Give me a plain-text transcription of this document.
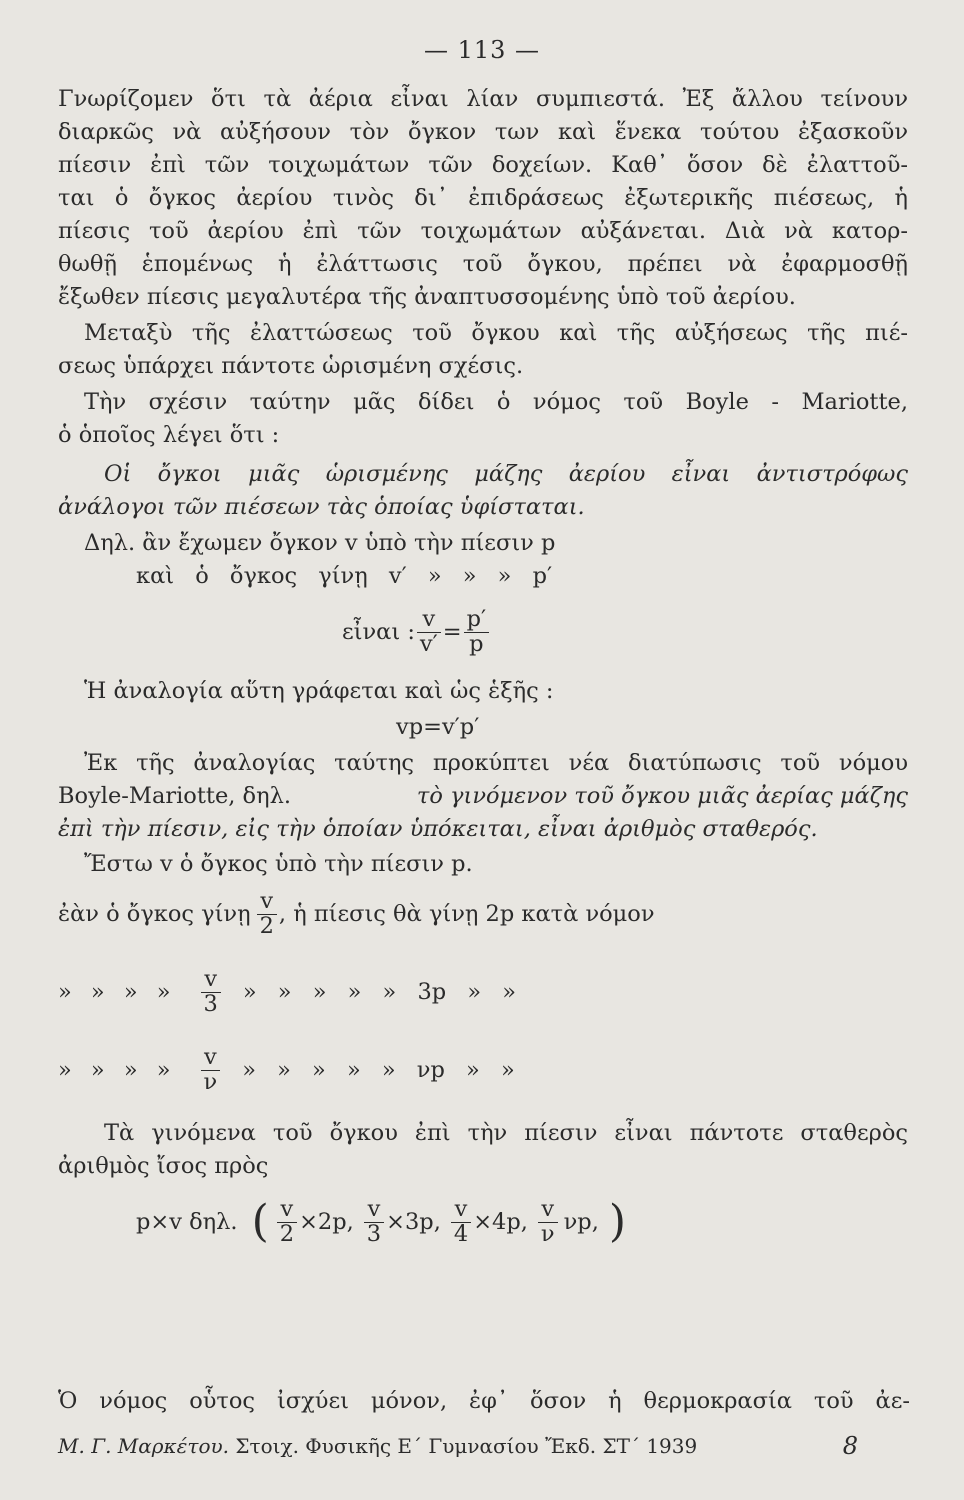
— 113 —
Γνωρίζομεν ὅτι τὰ ἀέρια εἶναι λίαν συμπιεστά. Ἐξ ἄλλου τείνουν
διαρκῶς νὰ αὐξήσουν τὸν ὄγκον των καὶ ἕνεκα τούτου ἐξασκοῦν
πίεσιν ἐπὶ τῶν τοιχωμάτων τῶν δοχείων. Καθ᾽ ὅσον δὲ ἐλαττοῦ-
ται ὁ ὄγκος ἀερίου τινὸς δι᾽ ἐπιδράσεως ἐξωτερικῆς πιέσεως, ἡ
πίεσις τοῦ ἀερίου ἐπὶ τῶν τοιχωμάτων αὐξάνεται. Διὰ νὰ κατορ-
θωθῇ ἑπομένως ἡ ἐλάττωσις τοῦ ὄγκου, πρέπει νὰ ἐφαρμοσθῇ
ἔξωθεν πίεσις μεγαλυτέρα τῆς ἀναπτυσσομένης ὑπὸ τοῦ ἀερίου.
Μεταξὺ τῆς ἐλαττώσεως τοῦ ὄγκου καὶ τῆς αὐξήσεως τῆς πιέ-
σεως ὑπάρχει πάντοτε ὡρισμένη σχέσις.
Τὴν σχέσιν ταύτην μᾶς δίδει ὁ νόμος τοῦ Boyle - Mariotte,
ὁ ὁποῖος λέγει ὅτι :
Οἱ ὄγκοι μιᾶς ὡρισμένης μάζης ἀερίου εἶναι ἀντιστρόφως
ἀνάλογοι τῶν πιέσεων τὰς ὁποίας ὑφίσταται.
Δηλ. ἂν ἔχωμεν ὄγκον v ὑπὸ τὴν πίεσιν p
καὶ ὁ ὄγκος γίνῃ v′ » » » p′
εἶναι : $\frac{v}{v'} = \frac{p'}{p}$
Ἡ ἀναλογία αὕτη γράφεται καὶ ὡς ἑξῆς :
vp=v′p′
Ἐκ τῆς ἀναλογίας ταύτης προκύπτει νέα διατύπωσις τοῦ νόμου
Boyle-Mariotte, δηλ.	τὸ γινόμενον τοῦ ὄγκου μιᾶς ἀερίας μάζης
ἐπὶ τὴν πίεσιν, εἰς τὴν ὁποίαν ὑπόκειται, εἶναι ἀριθμὸς σταθερός.
Ἔστω v ὁ ὄγκος ὑπὸ τὴν πίεσιν p.
ἐὰν ὁ ὄγκος γίνῃ $\frac{v}{2}$ , ἡ πίεσις θὰ γίνῃ 2p κατὰ νόμον
» » » » $\frac{v}{3}$ » » » » » 3p » »
» » » » $\frac{v}{\nu}$ » » » » » νp » »
Τὰ γινόμενα τοῦ ὄγκου ἐπὶ τὴν πίεσιν εἶναι πάντοτε σταθερὸς
ἀριθμὸς ἴσος πρὸς
p×v δηλ. ( $\frac{v}{2} \times 2p$, $\frac{v}{3} \times 3p$, $\frac{v}{4} \times 4p$, $\frac{v}{\nu} \nu p$, )
Ὁ νόμος οὗτος ἰσχύει μόνον, ἐφ᾽ ὅσον ἡ θερμοκρασία τοῦ ἀε-
Μ. Γ. Μαρκέτου. Στοιχ. Φυσικῆς Ε΄ Γυμνασίου Ἔκδ. ΣΤ΄ 1939	8
